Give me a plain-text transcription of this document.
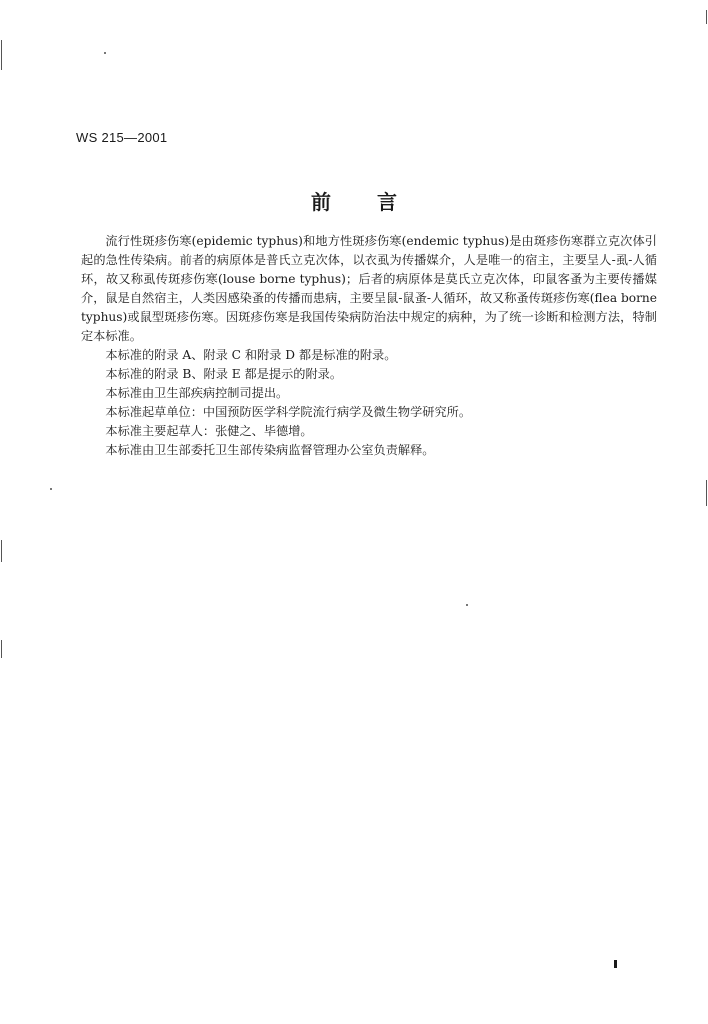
WS 215—2001
前言

流行性斑疹伤寒(epidemic typhus)和地方性斑疹伤寒(endemic typhus)是由斑疹伤寒群立克次体引起的急性传染病。前者的病原体是普氏立克次体，以衣虱为传播媒介，人是唯一的宿主，主要呈人-虱-人循环，故又称虱传斑疹伤寒(louse borne typhus)；后者的病原体是莫氏立克次体，印鼠客蚤为主要传播媒介，鼠是自然宿主，人类因感染蚤的传播而患病，主要呈鼠-鼠蚤-人循环，故又称蚤传斑疹伤寒(flea borne typhus)或鼠型斑疹伤寒。因斑疹伤寒是我国传染病防治法中规定的病种，为了统一诊断和检测方法，特制定本标准。

本标准的附录 A、附录 C 和附录 D 都是标准的附录。

本标准的附录 B、附录 E 都是提示的附录。

本标准由卫生部疾病控制司提出。

本标准起草单位：中国预防医学科学院流行病学及微生物学研究所。

本标准主要起草人：张健之、毕德增。

本标准由卫生部委托卫生部传染病监督管理办公室负责解释。
